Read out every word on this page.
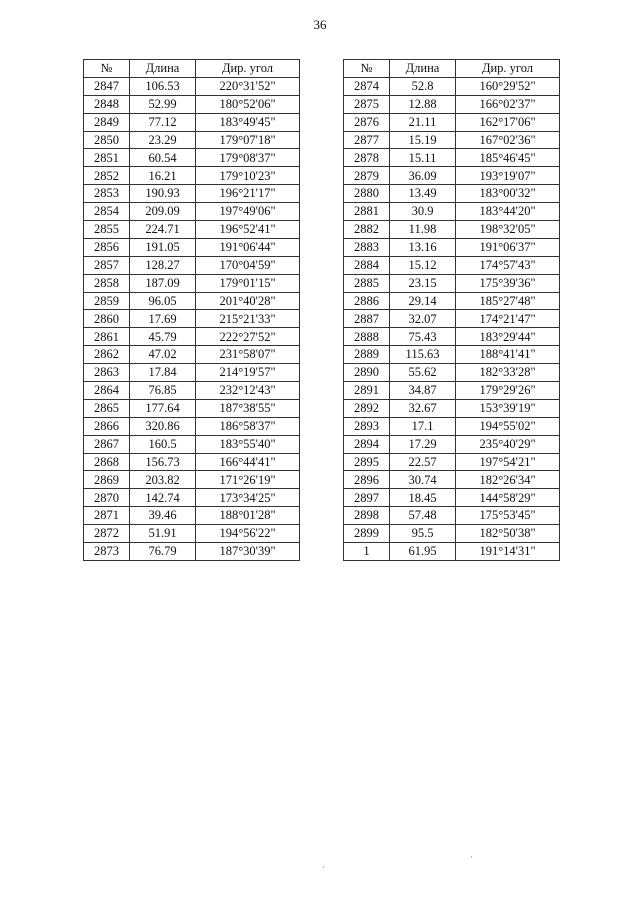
36
№	Длина	Дир. угол
2847	106.53	220°31'52"
2848	52.99	180°52'06"
2849	77.12	183°49'45"
2850	23.29	179°07'18"
2851	60.54	179°08'37"
2852	16.21	179°10'23"
2853	190.93	196°21'17"
2854	209.09	197°49'06"
2855	224.71	196°52'41"
2856	191.05	191°06'44"
2857	128.27	170°04'59"
2858	187.09	179°01'15"
2859	96.05	201°40'28"
2860	17.69	215°21'33"
2861	45.79	222°27'52"
2862	47.02	231°58'07"
2863	17.84	214°19'57"
2864	76.85	232°12'43"
2865	177.64	187°38'55"
2866	320.86	186°58'37"
2867	160.5	183°55'40"
2868	156.73	166°44'41"
2869	203.82	171°26'19"
2870	142.74	173°34'25"
2871	39.46	188°01'28"
2872	51.91	194°56'22"
2873	76.79	187°30'39"
№	Длина	Дир. угол
2874	52.8	160°29'52"
2875	12.88	166°02'37"
2876	21.11	162°17'06"
2877	15.19	167°02'36"
2878	15.11	185°46'45"
2879	36.09	193°19'07"
2880	13.49	183°00'32"
2881	30.9	183°44'20"
2882	11.98	198°32'05"
2883	13.16	191°06'37"
2884	15.12	174°57'43"
2885	23.15	175°39'36"
2886	29.14	185°27'48"
2887	32.07	174°21'47"
2888	75.43	183°29'44"
2889	115.63	188°41'41"
2890	55.62	182°33'28"
2891	34.87	179°29'26"
2892	32.67	153°39'19"
2893	17.1	194°55'02"
2894	17.29	235°40'29"
2895	22.57	197°54'21"
2896	30.74	182°26'34"
2897	18.45	144°58'29"
2898	57.48	175°53'45"
2899	95.5	182°50'38"
1	61.95	191°14'31"
·
·
